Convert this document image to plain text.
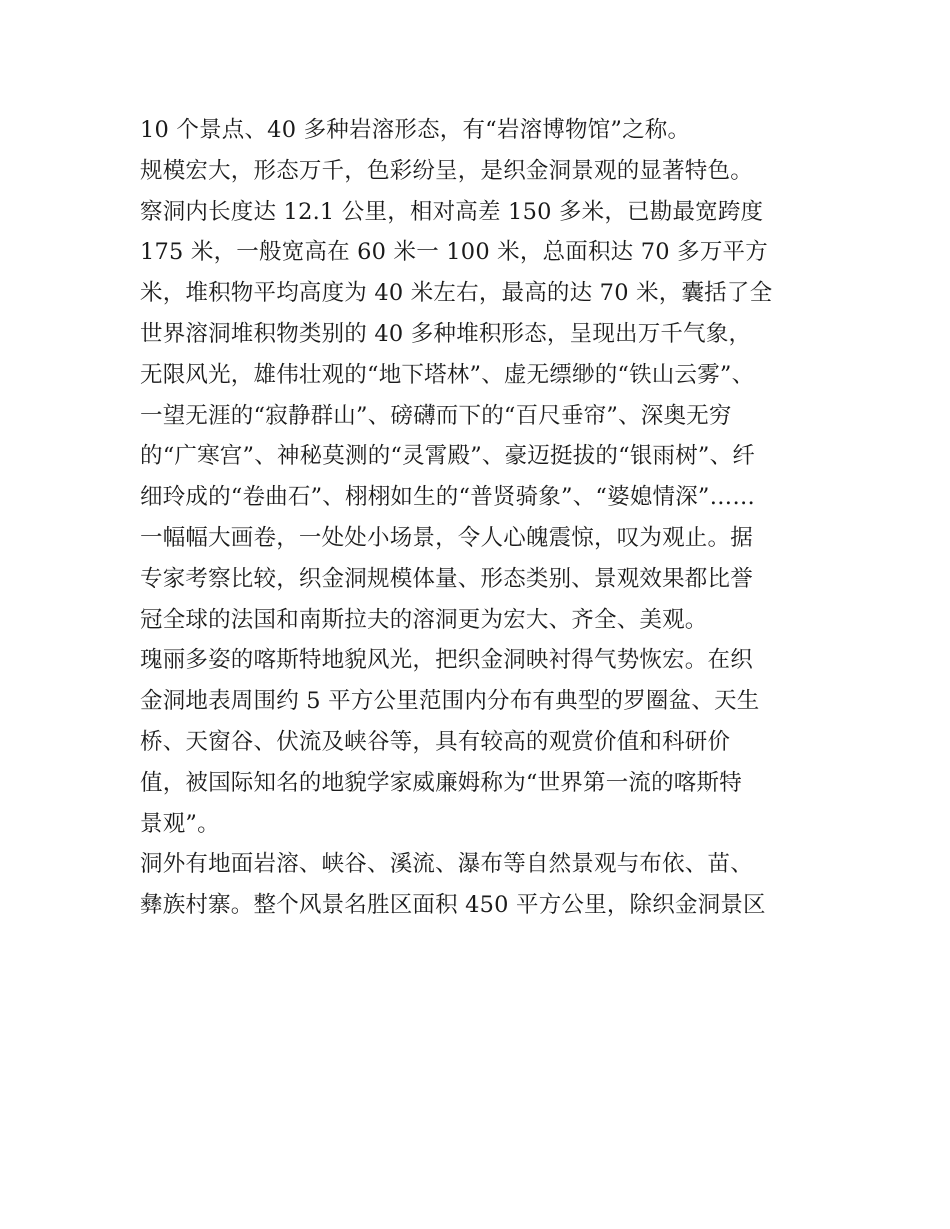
10 个景点、40 多种岩溶形态，有“岩溶博物馆”之称。
规模宏大，形态万千，色彩纷呈，是织金洞景观的显著特色。
察洞内长度达 12.1 公里，相对高差 150 多米，已勘最宽跨度
175 米，一般宽高在 60 米一 100 米，总面积达 70 多万平方
米，堆积物平均高度为 40 米左右，最高的达 70 米，囊括了全
世界溶洞堆积物类别的 40 多种堆积形态，呈现出万千气象，
无限风光，雄伟壮观的“地下塔林”、虚无缥缈的“铁山云雾”、
一望无涯的“寂静群山”、磅礴而下的“百尺垂帘”、深奥无穷
的“广寒宫”、神秘莫测的“灵霄殿”、豪迈挺拔的“银雨树”、纤
细玲成的“卷曲石”、栩栩如生的“普贤骑象”、“婆媳情深”……
一幅幅大画卷，一处处小场景，令人心魄震惊，叹为观止。据
专家考察比较，织金洞规模体量、形态类别、景观效果都比誉
冠全球的法国和南斯拉夫的溶洞更为宏大、齐全、美观。
瑰丽多姿的喀斯特地貌风光，把织金洞映衬得气势恢宏。在织
金洞地表周围约 5 平方公里范围内分布有典型的罗圈盆、天生
桥、天窗谷、伏流及峡谷等，具有较高的观赏价值和科研价
值，被国际知名的地貌学家威廉姆称为“世界第一流的喀斯特
景观”。
洞外有地面岩溶、峡谷、溪流、瀑布等自然景观与布依、苗、
彝族村寨。整个风景名胜区面积 450 平方公里，除织金洞景区
